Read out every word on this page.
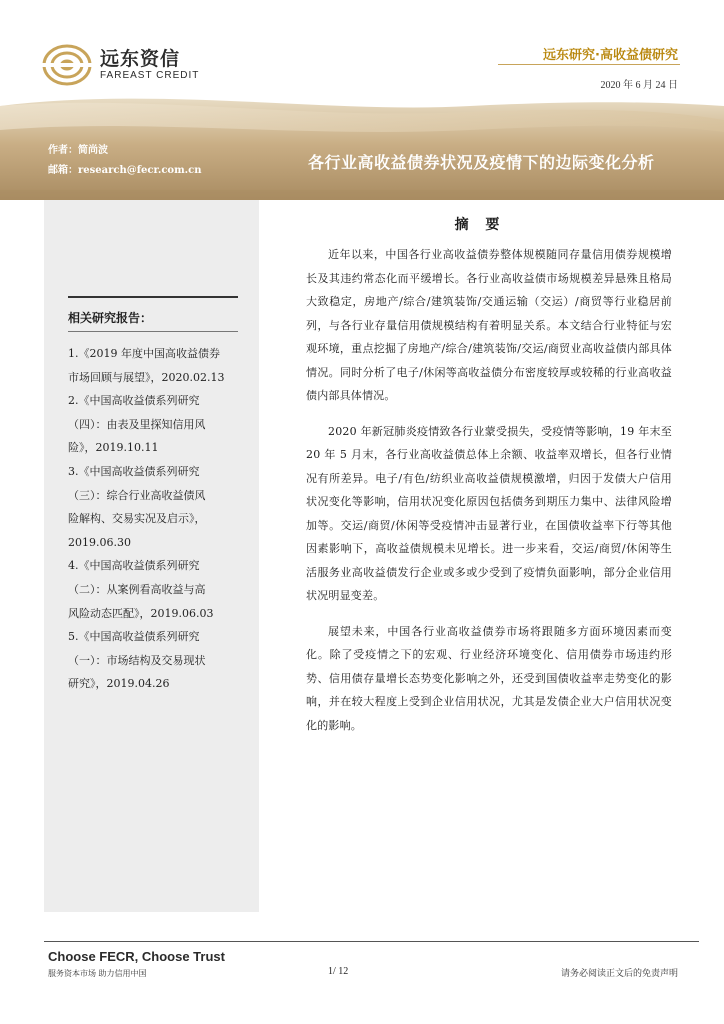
远东资信
FAREAST CREDIT
远东研究·高收益债研究
2020 年 6 月 24 日
作者：简尚波
邮箱：research@fecr.com.cn	各行业高收益债券状况及疫情下的边际变化分析
相关研究报告：
1.《2019 年度中国高收益债券
市场回顾与展望》，2020.02.13
2.《中国高收益债系列研究
（四）：由表及里探知信用风
险》，2019.10.11
3.《中国高收益债系列研究
（三）：综合行业高收益债风
险解构、交易实况及启示》，
2019.06.30
4.《中国高收益债系列研究
（二）：从案例看高收益与高
风险动态匹配》，2019.06.03
5.《中国高收益债系列研究
（一）：市场结构及交易现状
研究》，2019.04.26
摘 要

近年以来，中国各行业高收益债券整体规模随同存量信用债券规模增长及其违约常态化而平缓增长。各行业高收益债市场规模差异悬殊且格局大致稳定，房地产/综合/建筑装饰/交通运输（交运）/商贸等行业稳居前列，与各行业存量信用债规模结构有着明显关系。本文结合行业特征与宏观环境，重点挖掘了房地产/综合/建筑装饰/交运/商贸业高收益债内部具体情况。同时分析了电子/休闲等高收益债分布密度较厚或较稀的行业高收益债内部具体情况。

2020 年新冠肺炎疫情致各行业蒙受损失，受疫情等影响，19 年末至 20 年 5 月末，各行业高收益债总体上余额、收益率双增长，但各行业情况有所差异。电子/有色/纺织业高收益债规模激增，归因于发债大户信用状况变化等影响，信用状况变化原因包括债务到期压力集中、法律风险增加等。交运/商贸/休闲等受疫情冲击显著行业，在国债收益率下行等其他因素影响下，高收益债规模未见增长。进一步来看，交运/商贸/休闲等生活服务业高收益债发行企业或多或少受到了疫情负面影响，部分企业信用状况明显变差。

展望未来，中国各行业高收益债券市场将跟随多方面环境因素而变化。除了受疫情之下的宏观、行业经济环境变化、信用债券市场违约形势、信用债存量增长态势变化影响之外，还受到国债收益率走势变化的影响，并在较大程度上受到企业信用状况，尤其是发债企业大户信用状况变化的影响。

Choose FECR, Choose Trust
服务资本市场 助力信用中国	1/ 12	请务必阅读正文后的免责声明
